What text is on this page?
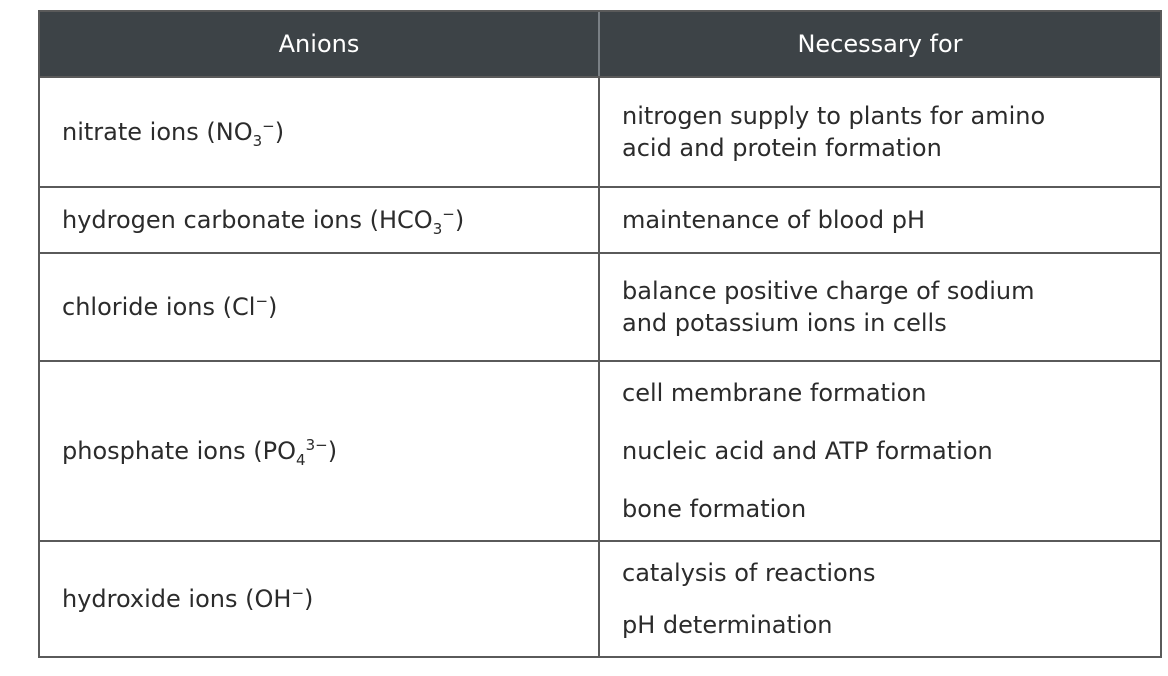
Anions	Necessary for
nitrate ions ( $NO_3^-$ )
nitrogen supply to plants for amino
acid and protein formation
hydrogen carbonate ions ( $HCO_3^-$ )	maintenance of blood pH
chloride ions ( Cl− )
balance positive charge of sodium
and potassium ions in cells
phosphate ions ( $PO_4^{3-}$ )
cell membrane formation
nucleic acid and ATP formation
bone formation
hydroxide ions ( OH− )
catalysis of reactions
pH determination
